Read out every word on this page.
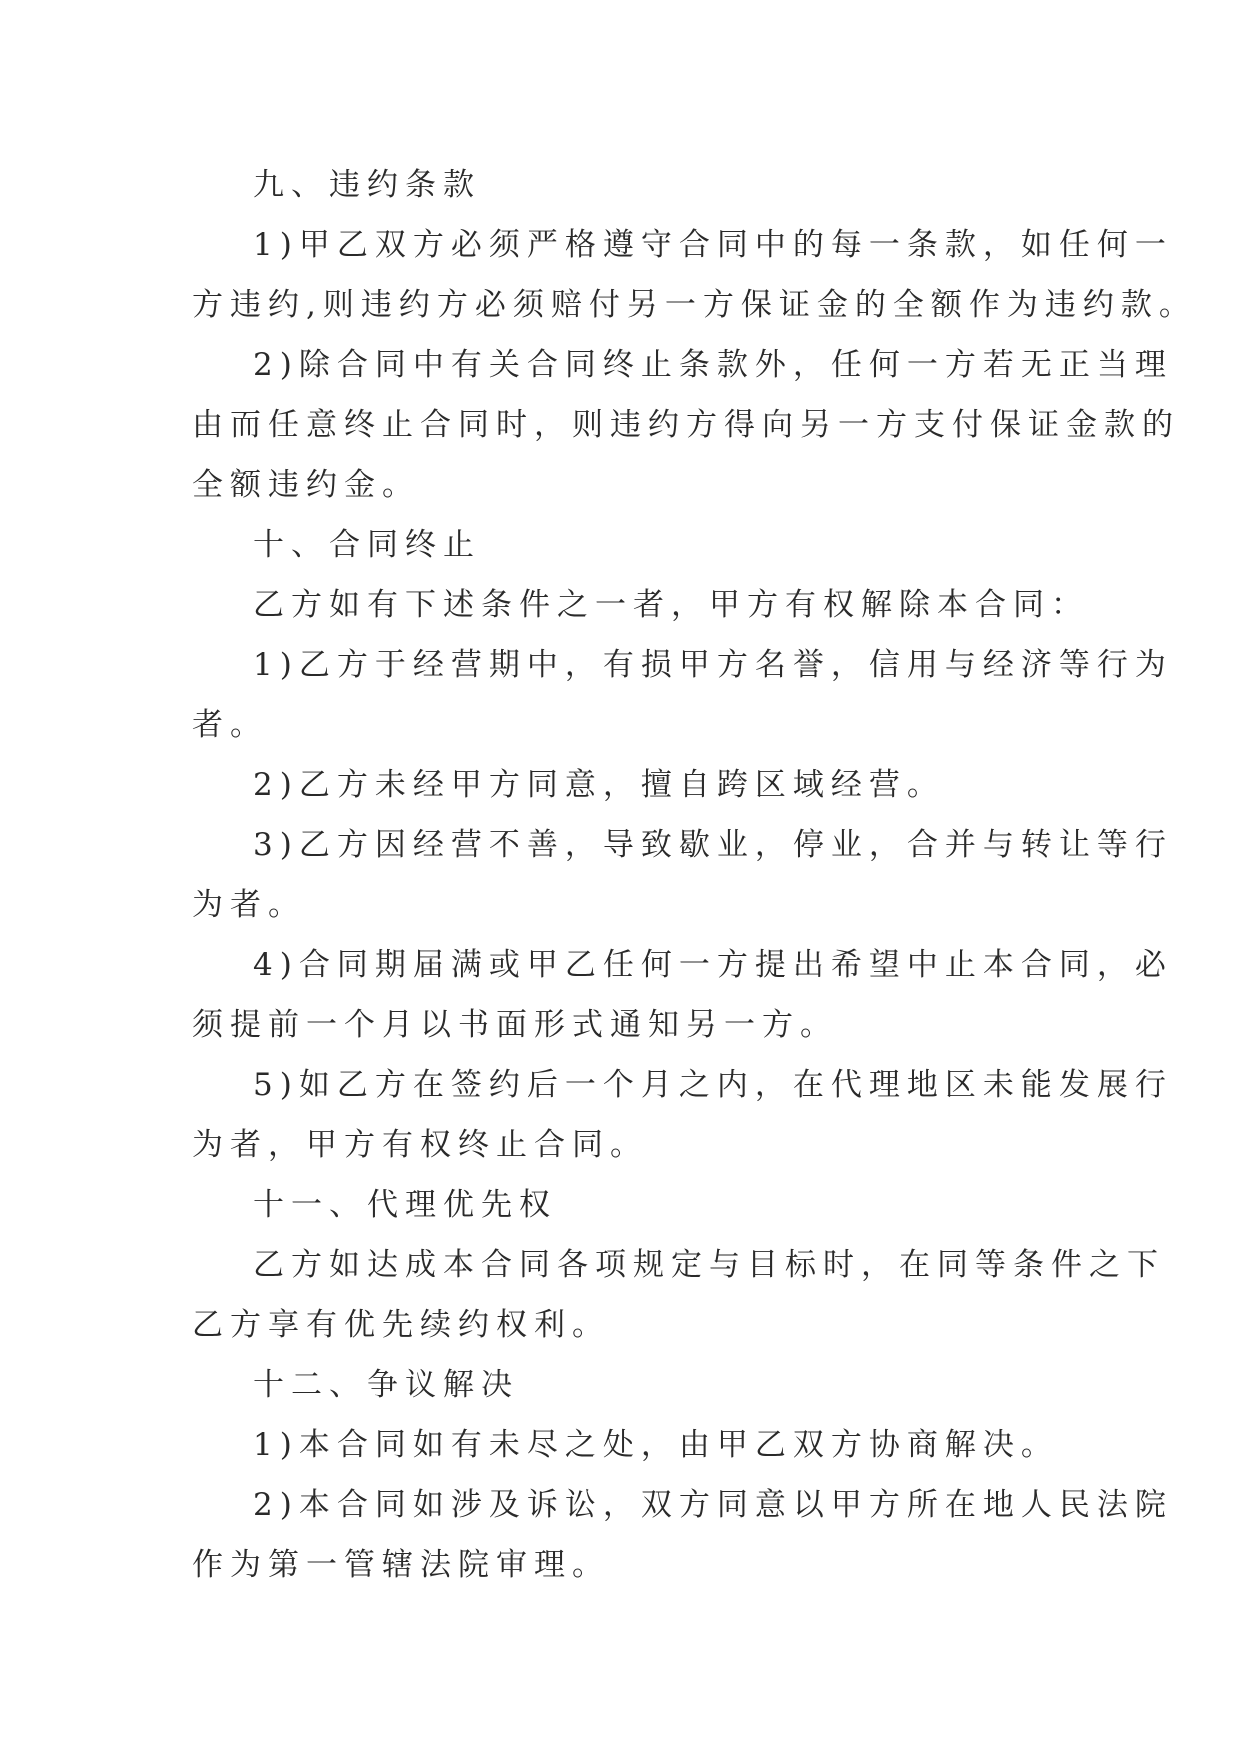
九、违约条款

1)甲乙双方必须严格遵守合同中的每一条款，如任何一

方违约,则违约方必须赔付另一方保证金的全额作为违约款。

2)除合同中有关合同终止条款外，任何一方若无正当理

由而任意终止合同时，则违约方得向另一方支付保证金款的

全额违约金。

十、合同终止

乙方如有下述条件之一者，甲方有权解除本合同：

1)乙方于经营期中，有损甲方名誉，信用与经济等行为

者。

2)乙方未经甲方同意，擅自跨区域经营。

3)乙方因经营不善，导致歇业，停业，合并与转让等行

为者。

4)合同期届满或甲乙任何一方提出希望中止本合同，必

须提前一个月以书面形式通知另一方。

5)如乙方在签约后一个月之内，在代理地区未能发展行

为者，甲方有权终止合同。

十一、代理优先权

乙方如达成本合同各项规定与目标时，在同等条件之下

乙方享有优先续约权利。

十二、争议解决

1)本合同如有未尽之处，由甲乙双方协商解决。

2)本合同如涉及诉讼，双方同意以甲方所在地人民法院

作为第一管辖法院审理。
